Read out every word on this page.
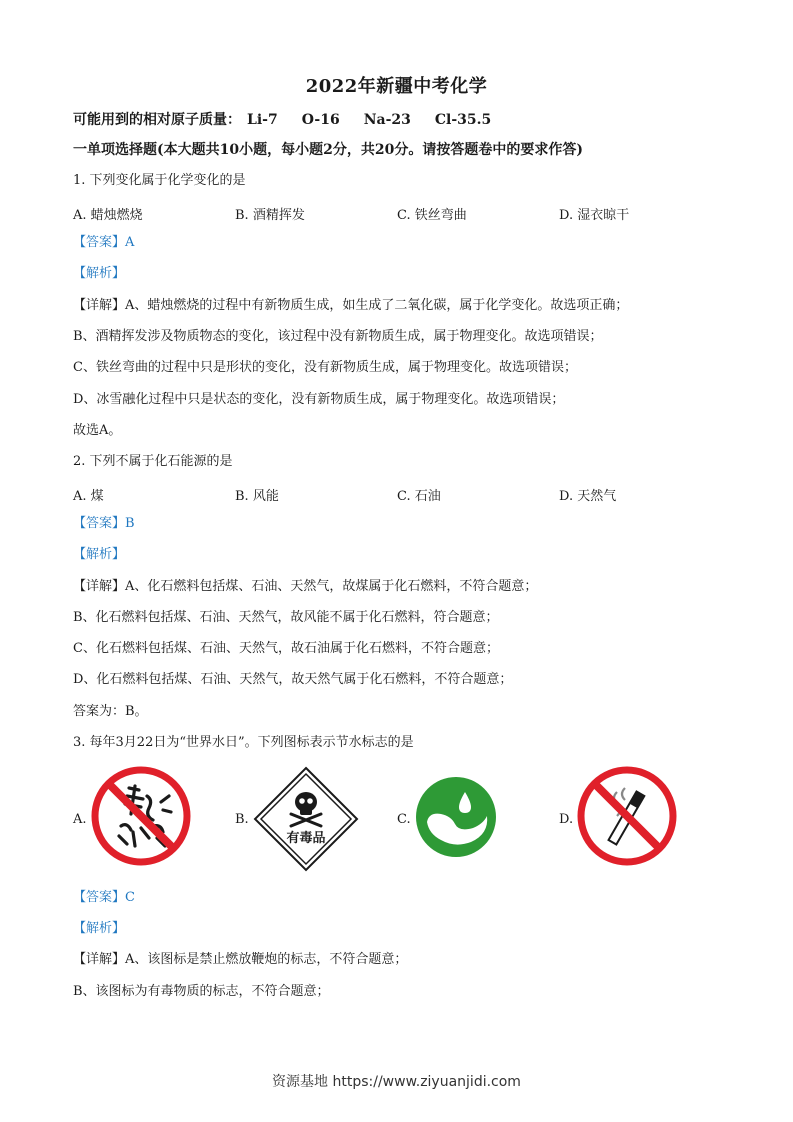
2022年新疆中考化学
可能用到的相对原子质量： Li-7 O-16 Na-23 Cl-35.5
一单项选择题(本大题共10小题，每小题2分，共20分。请按答题卷中的要求作答)
1. 下列变化属于化学变化的是
A. 蜡烛燃烧	B. 酒精挥发	C. 铁丝弯曲	D. 湿衣晾干
【答案】A
【解析】
【详解】A、蜡烛燃烧的过程中有新物质生成，如生成了二氧化碳，属于化学变化。故选项正确；
B、酒精挥发涉及物质物态的变化，该过程中没有新物质生成，属于物理变化。故选项错误；
C、铁丝弯曲的过程中只是形状的变化，没有新物质生成，属于物理变化。故选项错误；
D、冰雪融化过程中只是状态的变化，没有新物质生成，属于物理变化。故选项错误；
故选A。
2. 下列不属于化石能源的是
A. 煤	B. 风能	C. 石油	D. 天然气
【答案】B
【解析】
【详解】A、化石燃料包括煤、石油、天然气，故煤属于化石燃料，不符合题意；
B、化石燃料包括煤、石油、天然气，故风能不属于化石燃料，符合题意；
C、化石燃料包括煤、石油、天然气，故石油属于化石燃料，不符合题意；
D、化石燃料包括煤、石油、天然气，故天然气属于化石燃料，不符合题意；
答案为：B。
3. 每年3月22日为“世界水日”。下列图标表示节水标志的是
A.	B.
有毒品
C.	D.
【答案】C
【解析】
【详解】A、该图标是禁止燃放鞭炮的标志，不符合题意；
B、该图标为有毒物质的标志，不符合题意；
资源基地 https://www.ziyuanjidi.com
